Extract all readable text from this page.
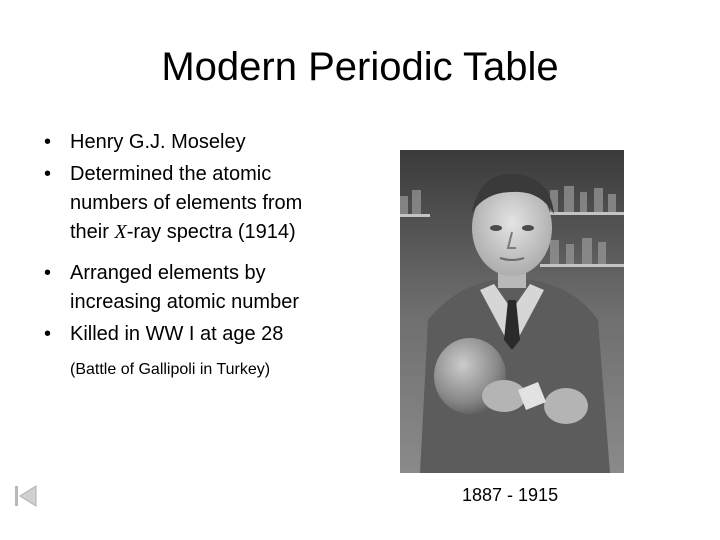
Modern Periodic Table
• Henry G.J. Moseley
• Determined the atomic numbers of elements from their X-ray spectra (1914)
• Arranged elements by increasing atomic number
• Killed in WW I at age 28
(Battle of Gallipoli in Turkey)
1887 - 1915
